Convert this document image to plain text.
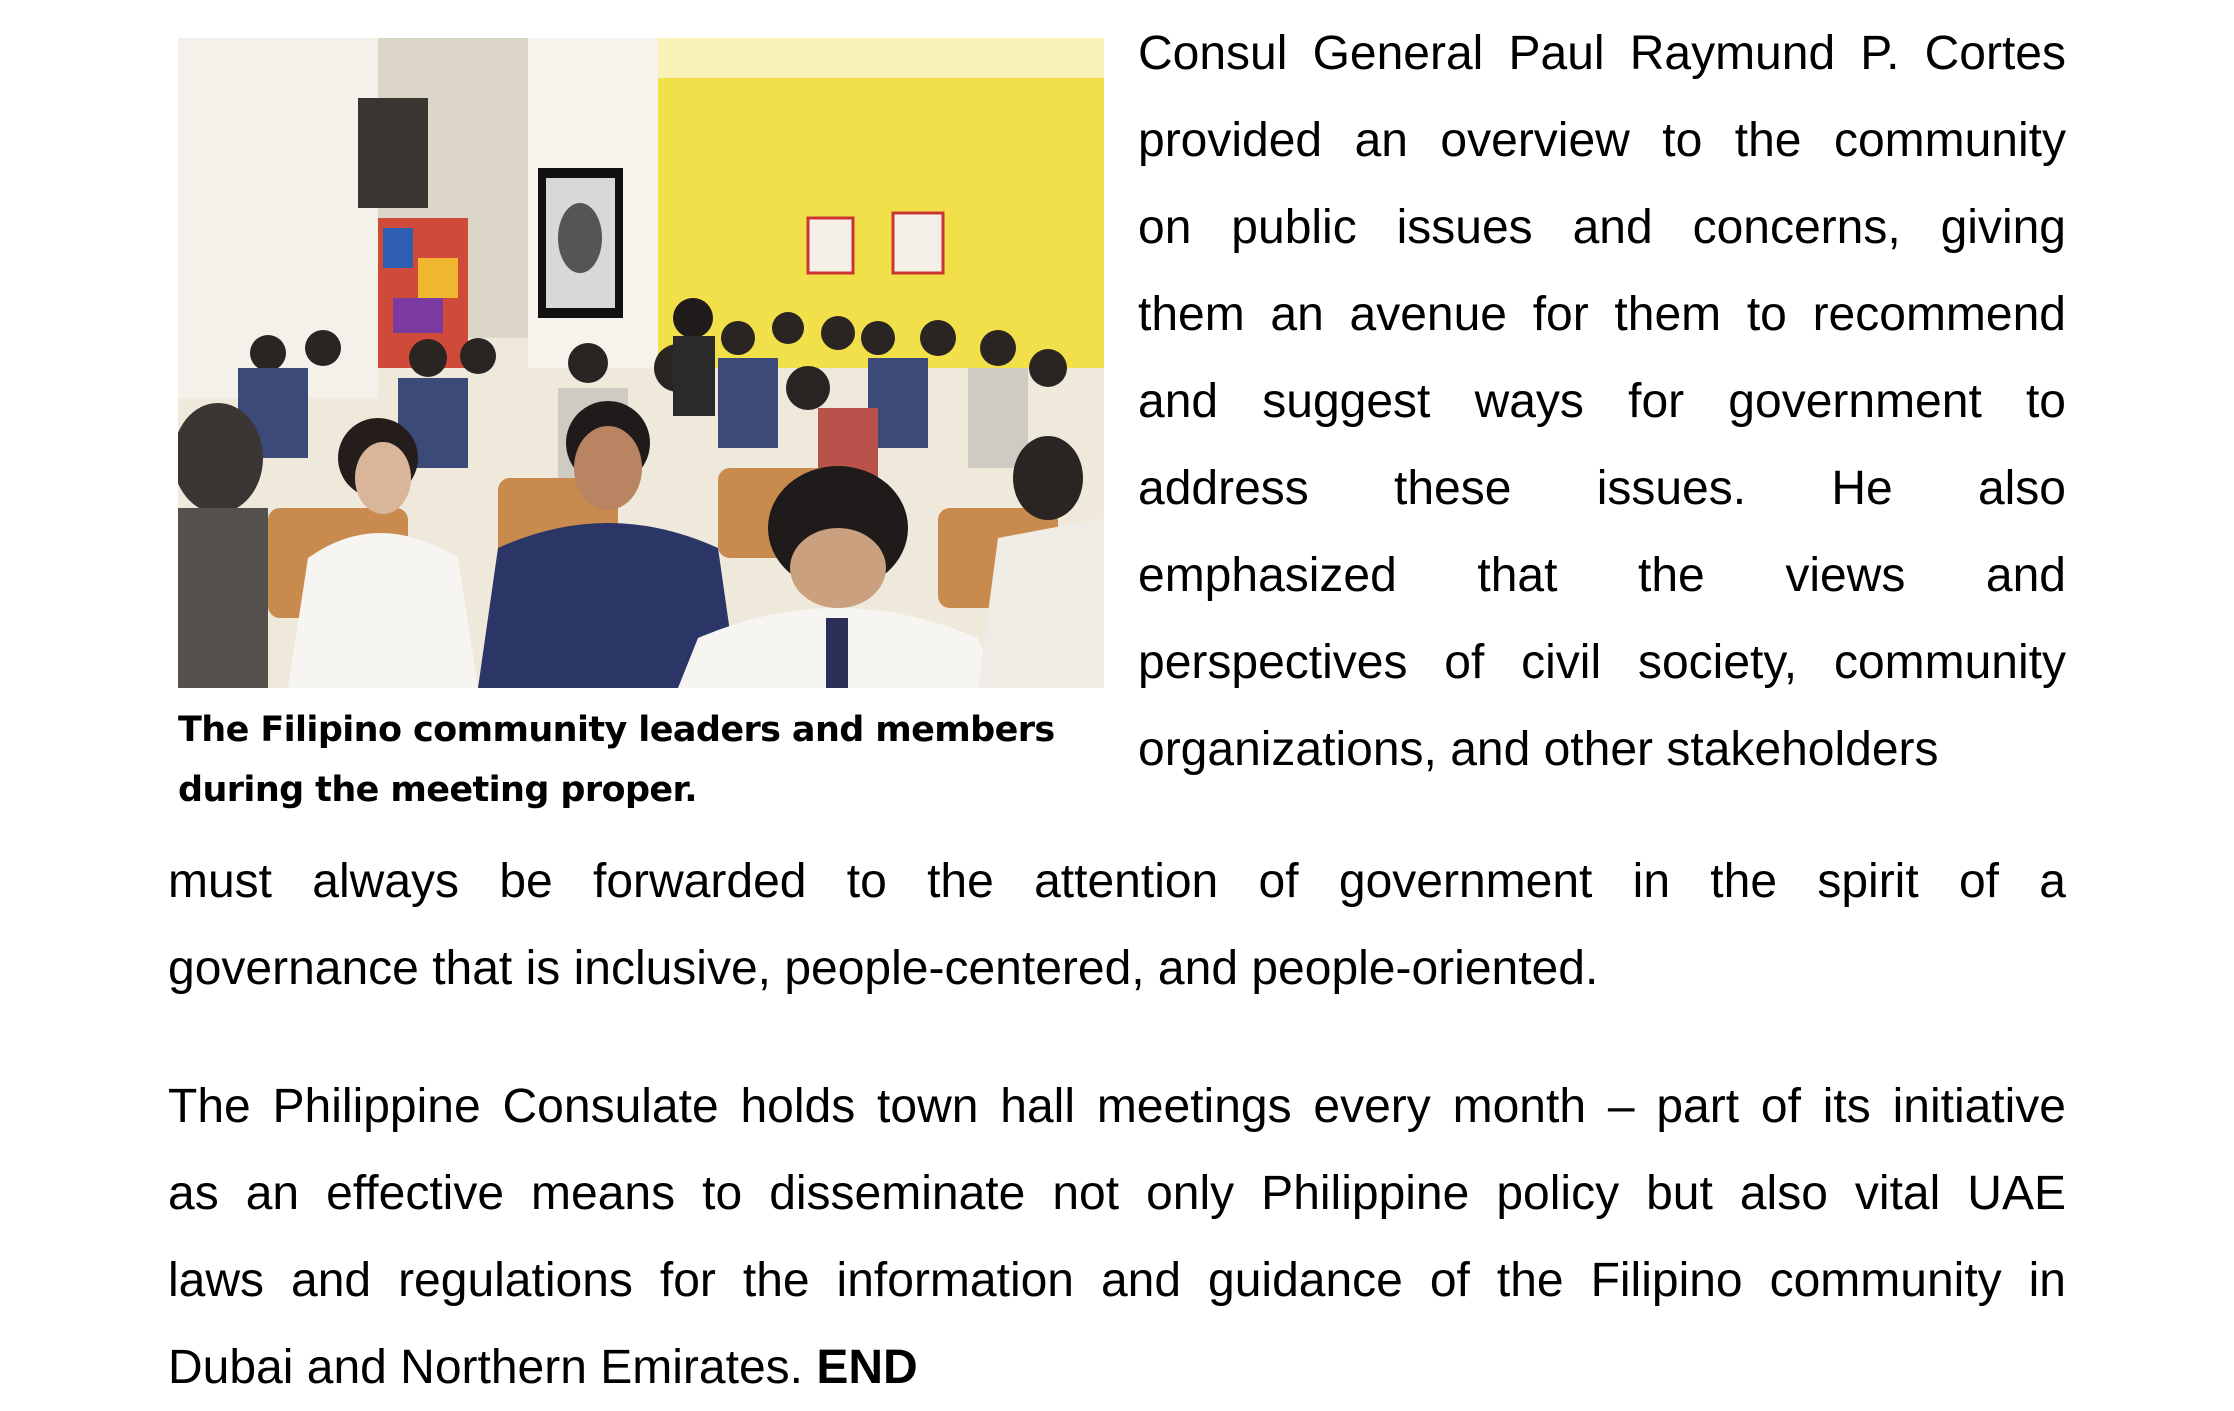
The Filipino community leaders and members
during the meeting proper.
Consul General Paul Raymund P. Cortes
provided an overview to the community
on public issues and concerns, giving
them an avenue for them to recommend
and suggest ways for government to
address these issues. He also
emphasized that the views and
perspectives of civil society, community
organizations, and other stakeholders
must always be forwarded to the attention of government in the spirit of a
governance that is inclusive, people-centered, and people-oriented.
The Philippine Consulate holds town hall meetings every month – part of its initiative
as an effective means to disseminate not only Philippine policy but also vital UAE
laws and regulations for the information and guidance of the Filipino community in
Dubai and Northern Emirates. END
